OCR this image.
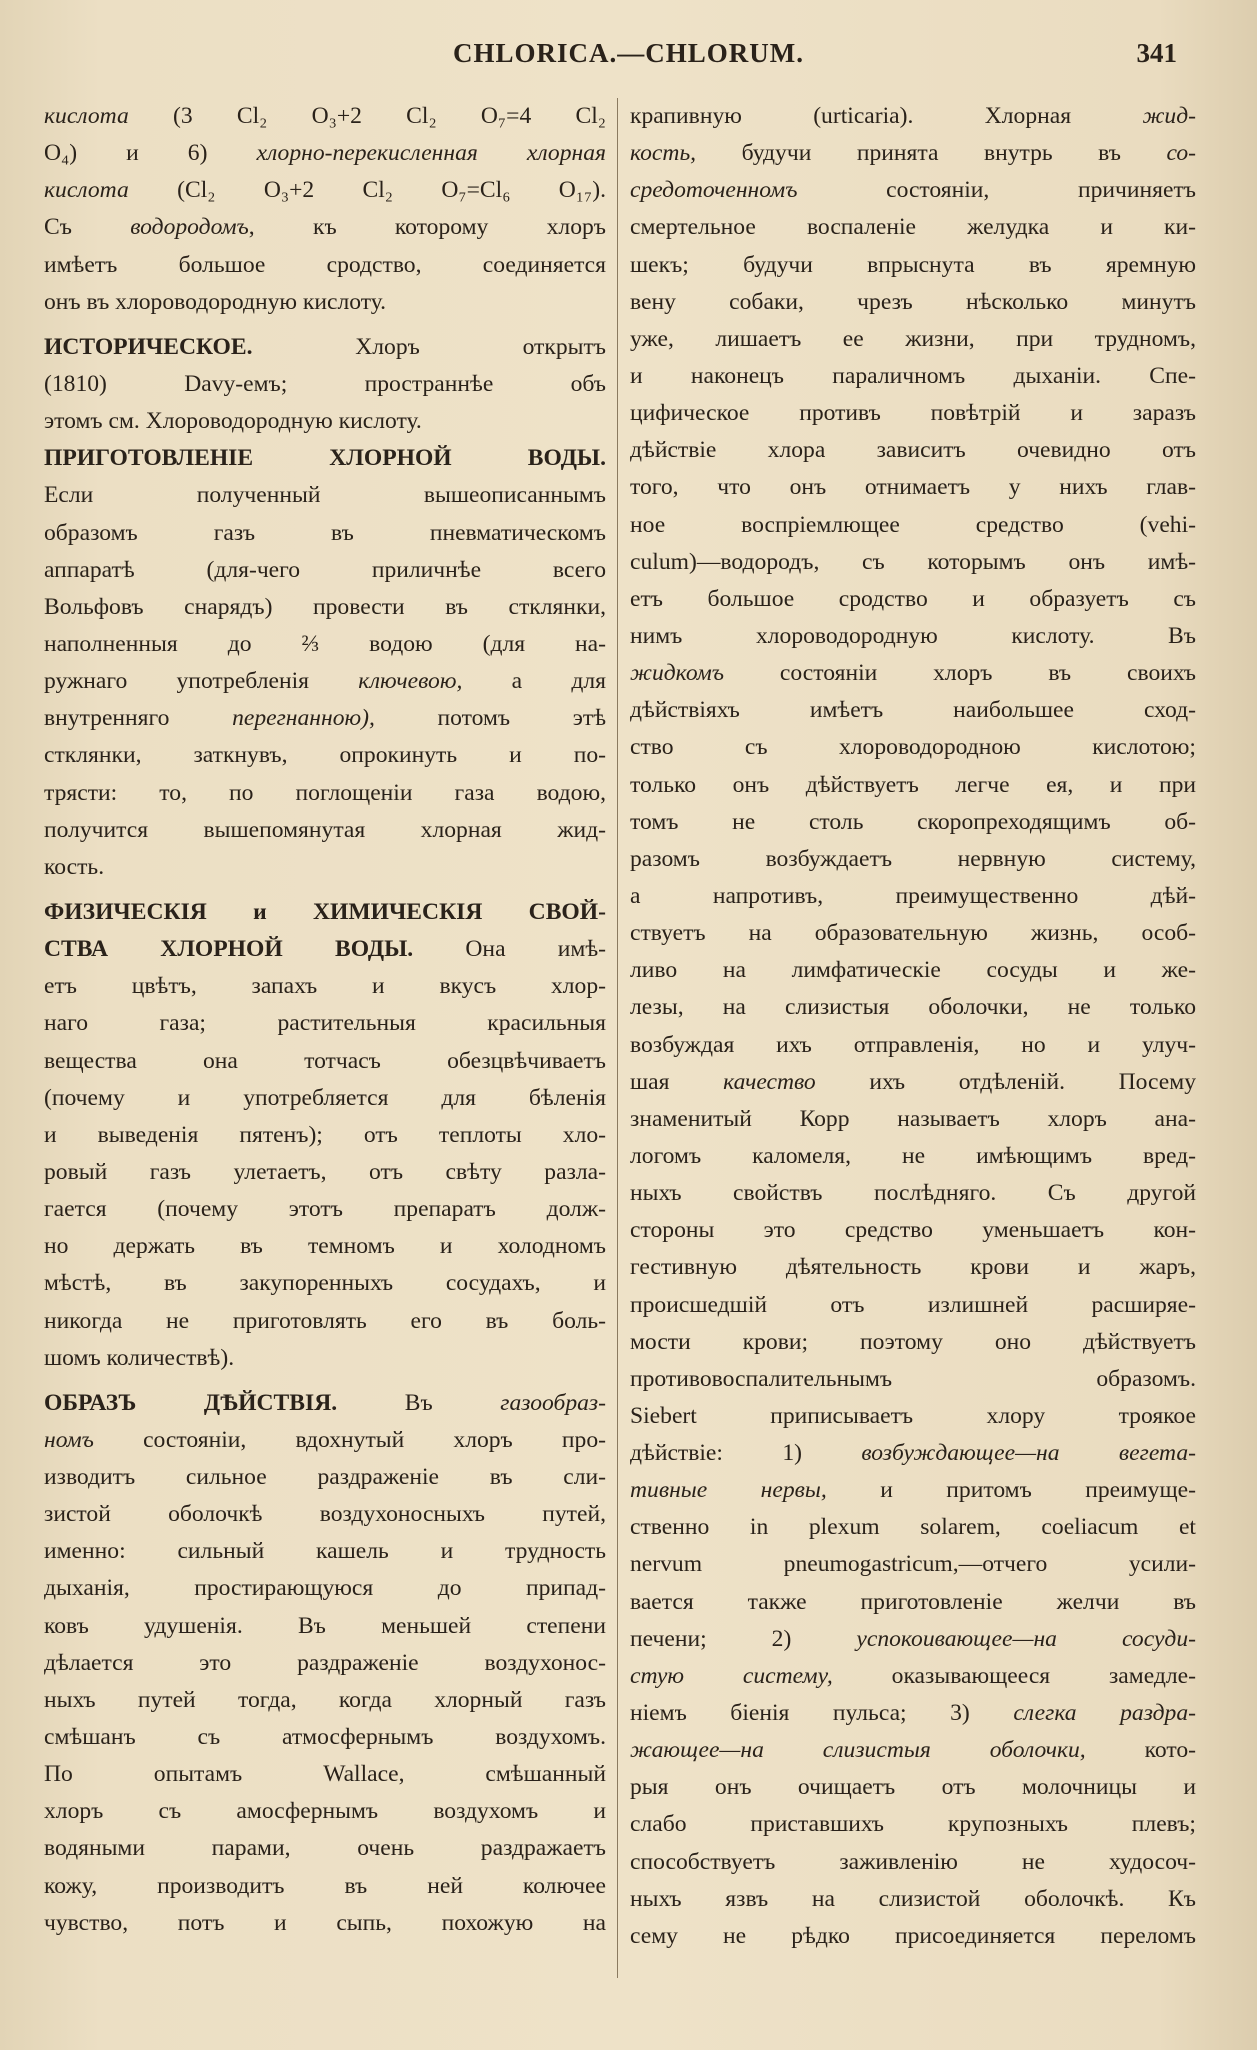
CHLORICA.—CHLORUM.	341
кислота (3 Cl₂ O₃+2 Cl₂ O₇=4 Cl₂
O₄) и 6) хлорно-перекисленная хлорная
кислота (Cl₂ O₃+2 Cl₂ O₇=Cl₆ O₁₇).
Съ водородомъ, къ которому хлоръ
имѣетъ большое сродство, соединяется
онъ въ хлороводородную кислоту.
ИСТОРИЧЕСКОЕ. Хлоръ открытъ
(1810) Davy-емъ; пространнѣе объ
этомъ см. Хлороводородную кислоту.
ПРИГОТОВЛЕНІЕ ХЛОРНОЙ ВОДЫ.
Если полученный вышеописаннымъ
образомъ газъ въ пневматическомъ
аппаратѣ (для-чего приличнѣе всего
Вольфовъ снарядъ) провести въ стклянки,
наполненныя до ⅔ водою (для на-
ружнаго употребленія ключевою, а для
внутренняго перегнанною), потомъ этѣ
стклянки, заткнувъ, опрокинуть и по-
трясти: то, по поглощеніи газа водою,
получится вышепомянутая хлорная жид-
кость.
ФИЗИЧЕСКІЯ и ХИМИЧЕСКІЯ СВОЙ-
СТВА ХЛОРНОЙ ВОДЫ. Она имѣ-
етъ цвѣтъ, запахъ и вкусъ хлор-
наго газа; растительныя красильныя
вещества она тотчасъ обезцвѣчиваетъ
(почему и употребляется для бѣленія
и выведенія пятенъ); отъ теплоты хло-
ровый газъ улетаетъ, отъ свѣту разла-
гается (почему этотъ препаратъ долж-
но держать въ темномъ и холодномъ
мѣстѣ, въ закупоренныхъ сосудахъ, и
никогда не приготовлять его въ боль-
шомъ количествѣ).
ОБРАЗЪ ДѢЙСТВІЯ. Въ газообраз-
номъ состояніи, вдохнутый хлоръ про-
изводитъ сильное раздраженіе въ сли-
зистой оболочкѣ воздухоносныхъ путей,
именно: сильный кашель и трудность
дыханія, простирающуюся до припад-
ковъ удушенія. Въ меньшей степени
дѣлается это раздраженіе воздухонос-
ныхъ путей тогда, когда хлорный газъ
смѣшанъ съ атмосфернымъ воздухомъ.
По опытамъ Wallace, смѣшанный
хлоръ съ амосфернымъ воздухомъ и
водяными парами, очень раздражаетъ
кожу, производитъ въ ней колючее
чувство, потъ и сыпь, похожую на
крапивную (urticaria). Хлорная жид-
кость, будучи принята внутрь въ со-
средоточенномъ состояніи, причиняетъ
смертельное воспаленіе желудка и ки-
шекъ; будучи впрыснута въ яремную
вену собаки, чрезъ нѣсколько минутъ
уже, лишаетъ ее жизни, при трудномъ,
и наконецъ параличномъ дыханіи. Спе-
цифическое противъ повѣтрій и заразъ
дѣйствіе хлора зависитъ очевидно отъ
того, что онъ отнимаетъ у нихъ глав-
ное воспріемлющее средство (vehi-
culum)—водородъ, съ которымъ онъ имѣ-
етъ большое сродство и образуетъ съ
нимъ хлороводородную кислоту. Въ
жидкомъ состояніи хлоръ въ своихъ
дѣйствіяхъ имѣетъ наибольшее сход-
ство съ хлороводородною кислотою;
только онъ дѣйствуетъ легче ея, и при
томъ не столь скоропреходящимъ об-
разомъ возбуждаетъ нервную систему,
а напротивъ, преимущественно дѣй-
ствуетъ на образовательную жизнь, особ-
ливо на лимфатическіе сосуды и же-
лезы, на слизистыя оболочки, не только
возбуждая ихъ отправленія, но и улуч-
шая качество ихъ отдѣленій. Посему
знаменитый Корр называетъ хлоръ ана-
логомъ каломеля, не имѣющимъ вред-
ныхъ свойствъ послѣдняго. Съ другой
стороны это средство уменьшаетъ кон-
гестивную дѣятельность крови и жаръ,
происшедшій отъ излишней расширяе-
мости крови; поэтому оно дѣйствуетъ
противовоспалительнымъ образомъ.
Siebert приписываетъ хлору троякое
дѣйствіе: 1) возбуждающее—на вегета-
тивные нервы, и притомъ преимуще-
ственно in plexum solarem, coeliacum et
nervum pneumogastricum,—отчего усили-
вается также приготовленіе желчи въ
печени; 2) успокоивающее—на сосуди-
стую систему, оказывающееся замедле-
ніемъ біенія пульса; 3) слегка раздра-
жающее—на слизистыя оболочки, кото-
рыя онъ очищаетъ отъ молочницы и
слабо приставшихъ крупозныхъ плевъ;
способствуетъ заживленію не худосоч-
ныхъ язвъ на слизистой оболочкѣ. Къ
сему не рѣдко присоединяется переломъ
